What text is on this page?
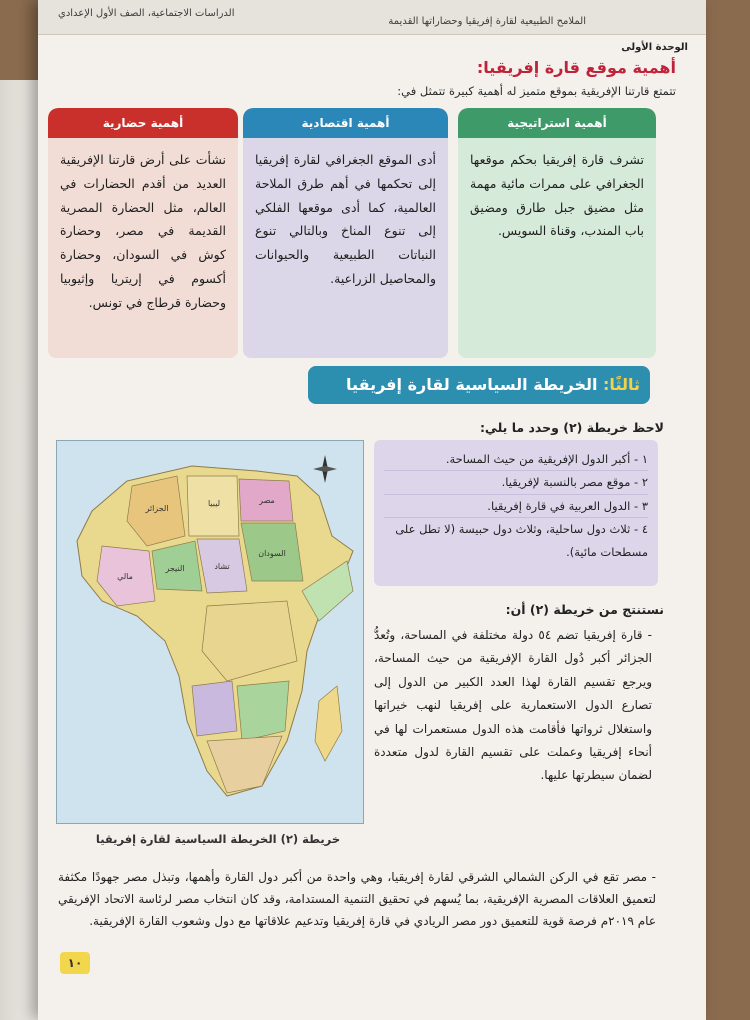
الدراسات الاجتماعية، الصف الأول الإعدادي
الملامح الطبيعية لقارة إفريقيا وحضاراتها القديمة
الوحدة الأولى
أهمية موقع قارة إفريقيا:
تتمتع قارتنا الإفريقية بموقع متميز له أهمية كبيرة تتمثل في:
أهمية استراتيجية
تشرف قارة إفريقيا بحكم موقعها الجغرافي على ممرات مائية مهمة مثل مضيق جبل طارق ومضيق باب المندب، وقناة السويس.
أهمية اقتصادية
أدى الموقع الجغرافي لقارة إفريقيا إلى تحكمها في أهم طرق الملاحة العالمية، كما أدى موقعها الفلكي إلى تنوع المناخ وبالتالي تنوع النباتات الطبيعية والحيوانات والمحاصيل الزراعية.
أهمية حضارية
نشأت على أرض قارتنا الإفريقية العديد من أقدم الحضارات في العالم، مثل الحضارة المصرية القديمة في مصر، وحضارة كوش في السودان، وحضارة أكسوم في إريتريا وإثيوبيا وحضارة قرطاج في تونس.
ثالثًا: الخريطة السياسية لقارة إفريقيا
لاحظ خريطة (٢) وحدد ما يلي:
١ - أكبر الدول الإفريقية من حيث المساحة.
٢ - موقع مصر بالنسبة لإفريقيا.
٣ - الدول العربية في قارة إفريقيا.
٤ - ثلاث دول ساحلية، وثلاث دول حبيسة (لا تطل على مسطحات مائية).
الجزائر
ليبيا	مصر
السودان
تشاد
النيجر
مالي
خريطة (٢) الخريطة السياسية لقارة إفريقيا
نستنتج من خريطة (٢) أن:
- قارة إفريقيا تضم ٥٤ دولة مختلفة في المساحة، وتُعدُّ الجزائر أكبر دُول القارة الإفريقية من حيث المساحة، ويرجع تقسيم القارة لهذا العدد الكبير من الدول إلى تصارع الدول الاستعمارية على إفريقيا لنهب خيراتها واستغلال ثرواتها فأقامت هذه الدول مستعمرات لها في أنحاء إفريقيا وعملت على تقسيم القارة لدول متعددة لضمان سيطرتها عليها.
- مصر تقع في الركن الشمالي الشرقي لقارة إفريقيا، وهي واحدة من أكبر دول القارة وأهمها، وتبذل مصر جهودًا مكثفة لتعميق العلاقات المصرية الإفريقية، بما يُسهم في تحقيق التنمية المستدامة، وقد كان انتخاب مصر لرئاسة الاتحاد الإفريقي عام ٢٠١٩م فرصة قوية للتعميق دور مصر الريادي في قارة إفريقيا وتدعيم علاقاتها مع دول وشعوب القارة الإفريقية.
١٠
